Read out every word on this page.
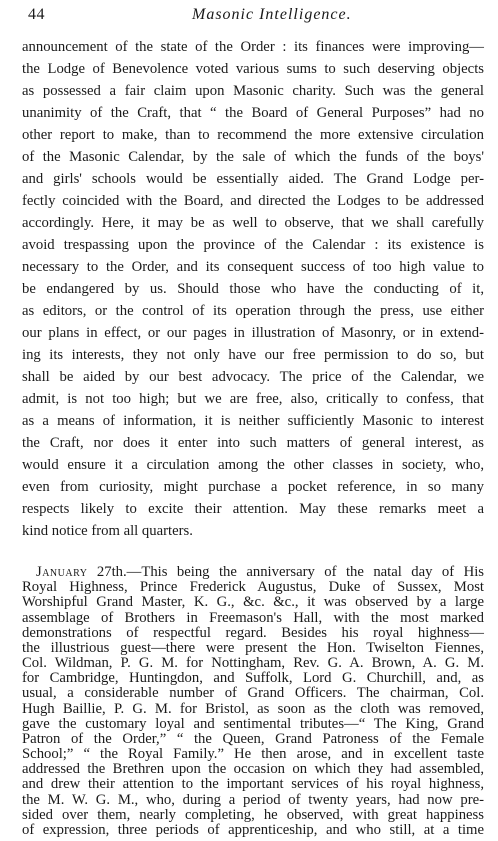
44	Masonic Intelligence.
announcement of the state of the Order : its finances were improving—
the Lodge of Benevolence voted various sums to such deserving objects
as possessed a fair claim upon Masonic charity. Such was the general
unanimity of the Craft, that “ the Board of General Purposes” had no
other report to make, than to recommend the more extensive circulation
of the Masonic Calendar, by the sale of which the funds of the boys'
and girls' schools would be essentially aided. The Grand Lodge per-
fectly coincided with the Board, and directed the Lodges to be addressed
accordingly. Here, it may be as well to observe, that we shall carefully
avoid trespassing upon the province of the Calendar : its existence is
necessary to the Order, and its consequent success of too high value to
be endangered by us. Should those who have the conducting of it,
as editors, or the control of its operation through the press, use either
our plans in effect, or our pages in illustration of Masonry, or in extend-
ing its interests, they not only have our free permission to do so, but
shall be aided by our best advocacy. The price of the Calendar, we
admit, is not too high; but we are free, also, critically to confess, that
as a means of information, it is neither sufficiently Masonic to interest
the Craft, nor does it enter into such matters of general interest, as
would ensure it a circulation among the other classes in society, who,
even from curiosity, might purchase a pocket reference, in so many
respects likely to excite their attention. May these remarks meet a
kind notice from all quarters.
January 27th.—This being the anniversary of the natal day of His
Royal Highness, Prince Frederick Augustus, Duke of Sussex, Most
Worshipful Grand Master, K. G., &c. &c., it was observed by a large
assemblage of Brothers in Freemason's Hall, with the most marked
demonstrations of respectful regard. Besides his royal highness—
the illustrious guest—there were present the Hon. Twiselton Fiennes,
Col. Wildman, P. G. M. for Nottingham, Rev. G. A. Brown, A. G. M.
for Cambridge, Huntingdon, and Suffolk, Lord G. Churchill, and, as
usual, a considerable number of Grand Officers. The chairman, Col.
Hugh Baillie, P. G. M. for Bristol, as soon as the cloth was removed,
gave the customary loyal and sentimental tributes—“ The King, Grand
Patron of the Order,” “ the Queen, Grand Patroness of the Female
School;” “ the Royal Family.” He then arose, and in excellent taste
addressed the Brethren upon the occasion on which they had assembled,
and drew their attention to the important services of his royal highness,
the M. W. G. M., who, during a period of twenty years, had now pre-
sided over them, nearly completing, he observed, with great happiness
of expression, three periods of apprenticeship, and who still, at a time
